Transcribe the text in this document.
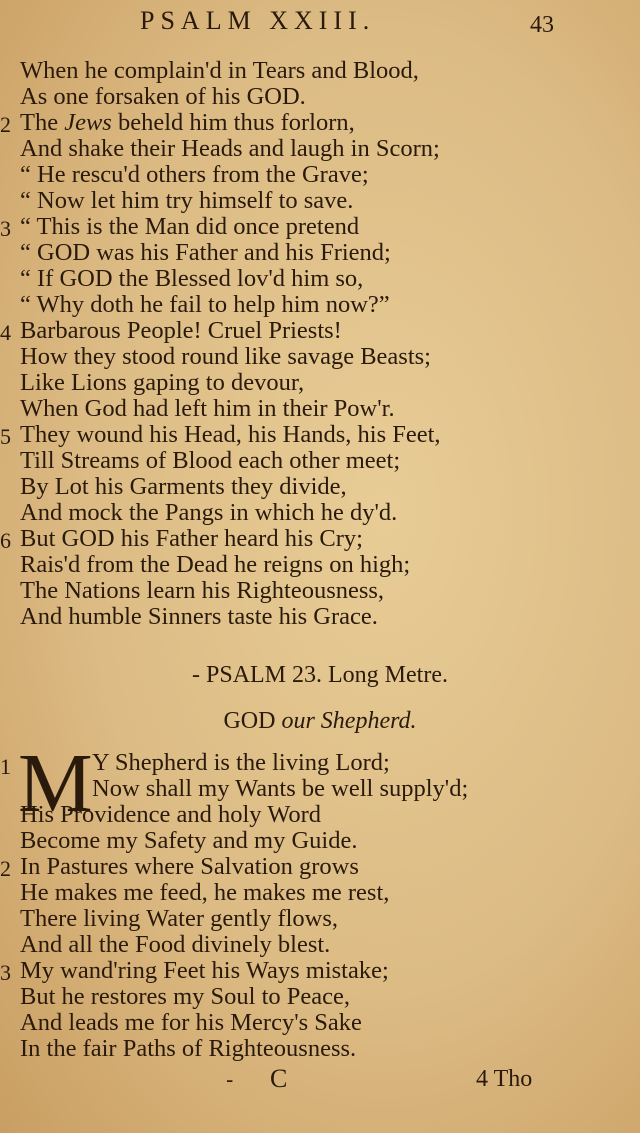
PSALM XXIII.	43
When he complain'd in Tears and Blood,
As one forsaken of his GOD.
2 The Jews beheld him thus forlorn,
And shake their Heads and laugh in Scorn;
“ He rescu'd others from the Grave;
“ Now let him try himself to save.
3 “ This is the Man did once pretend
“ GOD was his Father and his Friend;
“ If GOD the Blessed lov'd him so,
“ Why doth he fail to help him now?”
4 Barbarous People! Cruel Priests!
How they stood round like savage Beasts;
Like Lions gaping to devour,
When God had left him in their Pow'r.
5 They wound his Head, his Hands, his Feet,
Till Streams of Blood each other meet;
By Lot his Garments they divide,
And mock the Pangs in which he dy'd.
6 But GOD his Father heard his Cry;
Rais'd from the Dead he reigns on high;
The Nations learn his Righteousness,
And humble Sinners taste his Grace.
- PSALM 23. Long Metre.
GOD our Shepherd.
1 M Y Shepherd is the living Lord;
Now shall my Wants be well supply'd;
His Providence and holy Word
Become my Safety and my Guide.
2 In Pastures where Salvation grows
He makes me feed, he makes me rest,
There living Water gently flows,
And all the Food divinely blest.
3 My wand'ring Feet his Ways mistake;
But he restores my Soul to Peace,
And leads me for his Mercy's Sake
In the fair Paths of Righteousness.
- C	4 Tho
